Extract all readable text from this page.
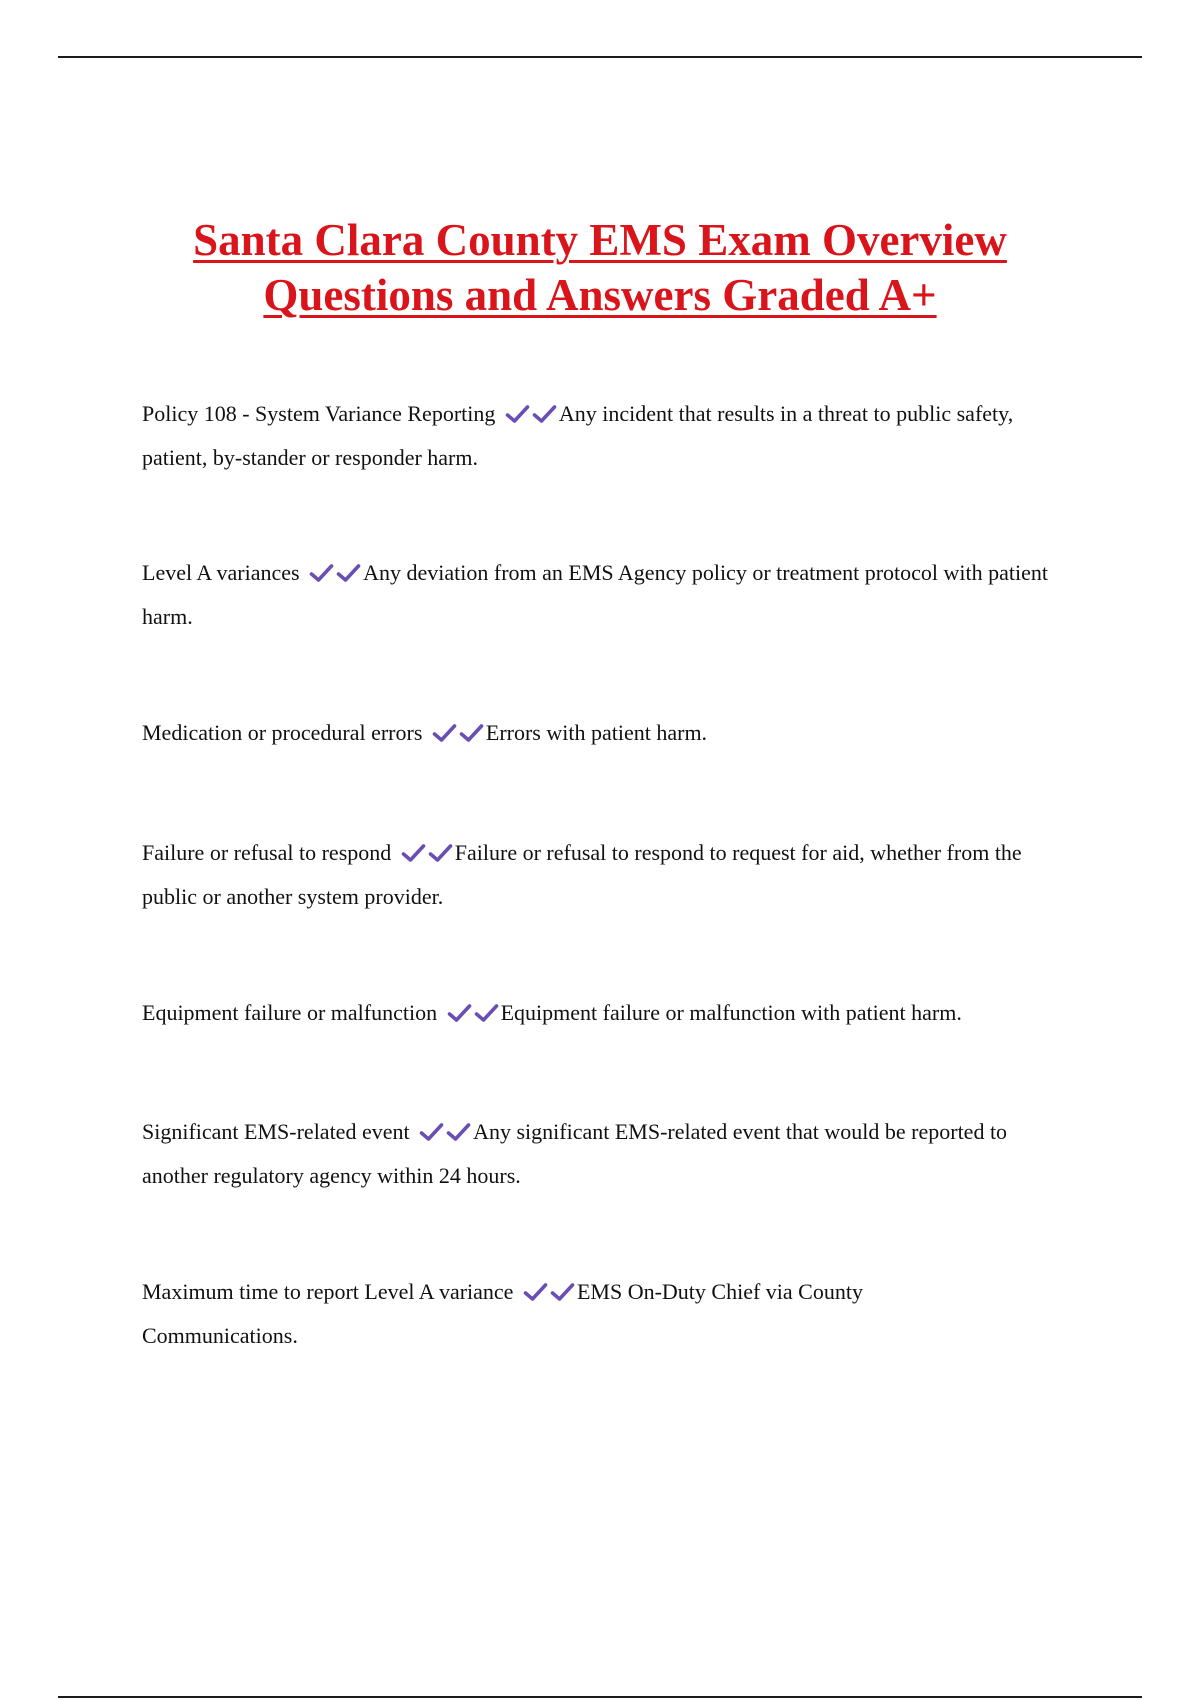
Santa Clara County EMS Exam Overview
Questions and Answers Graded A+
Policy 108 - System Variance Reporting	Any incident that results in a threat to public safety, patient, by-stander or responder harm.
Level A variances	Any deviation from an EMS Agency policy or treatment protocol with patient harm.
Medication or procedural errors	Errors with patient harm.
Failure or refusal to respond	Failure or refusal to respond to request for aid, whether from the public or another system provider.
Equipment failure or malfunction	Equipment failure or malfunction with patient harm.
Significant EMS-related event	Any significant EMS-related event that would be reported to another regulatory agency within 24 hours.
Maximum time to report Level A variance	EMS On-Duty Chief via County Communications.
